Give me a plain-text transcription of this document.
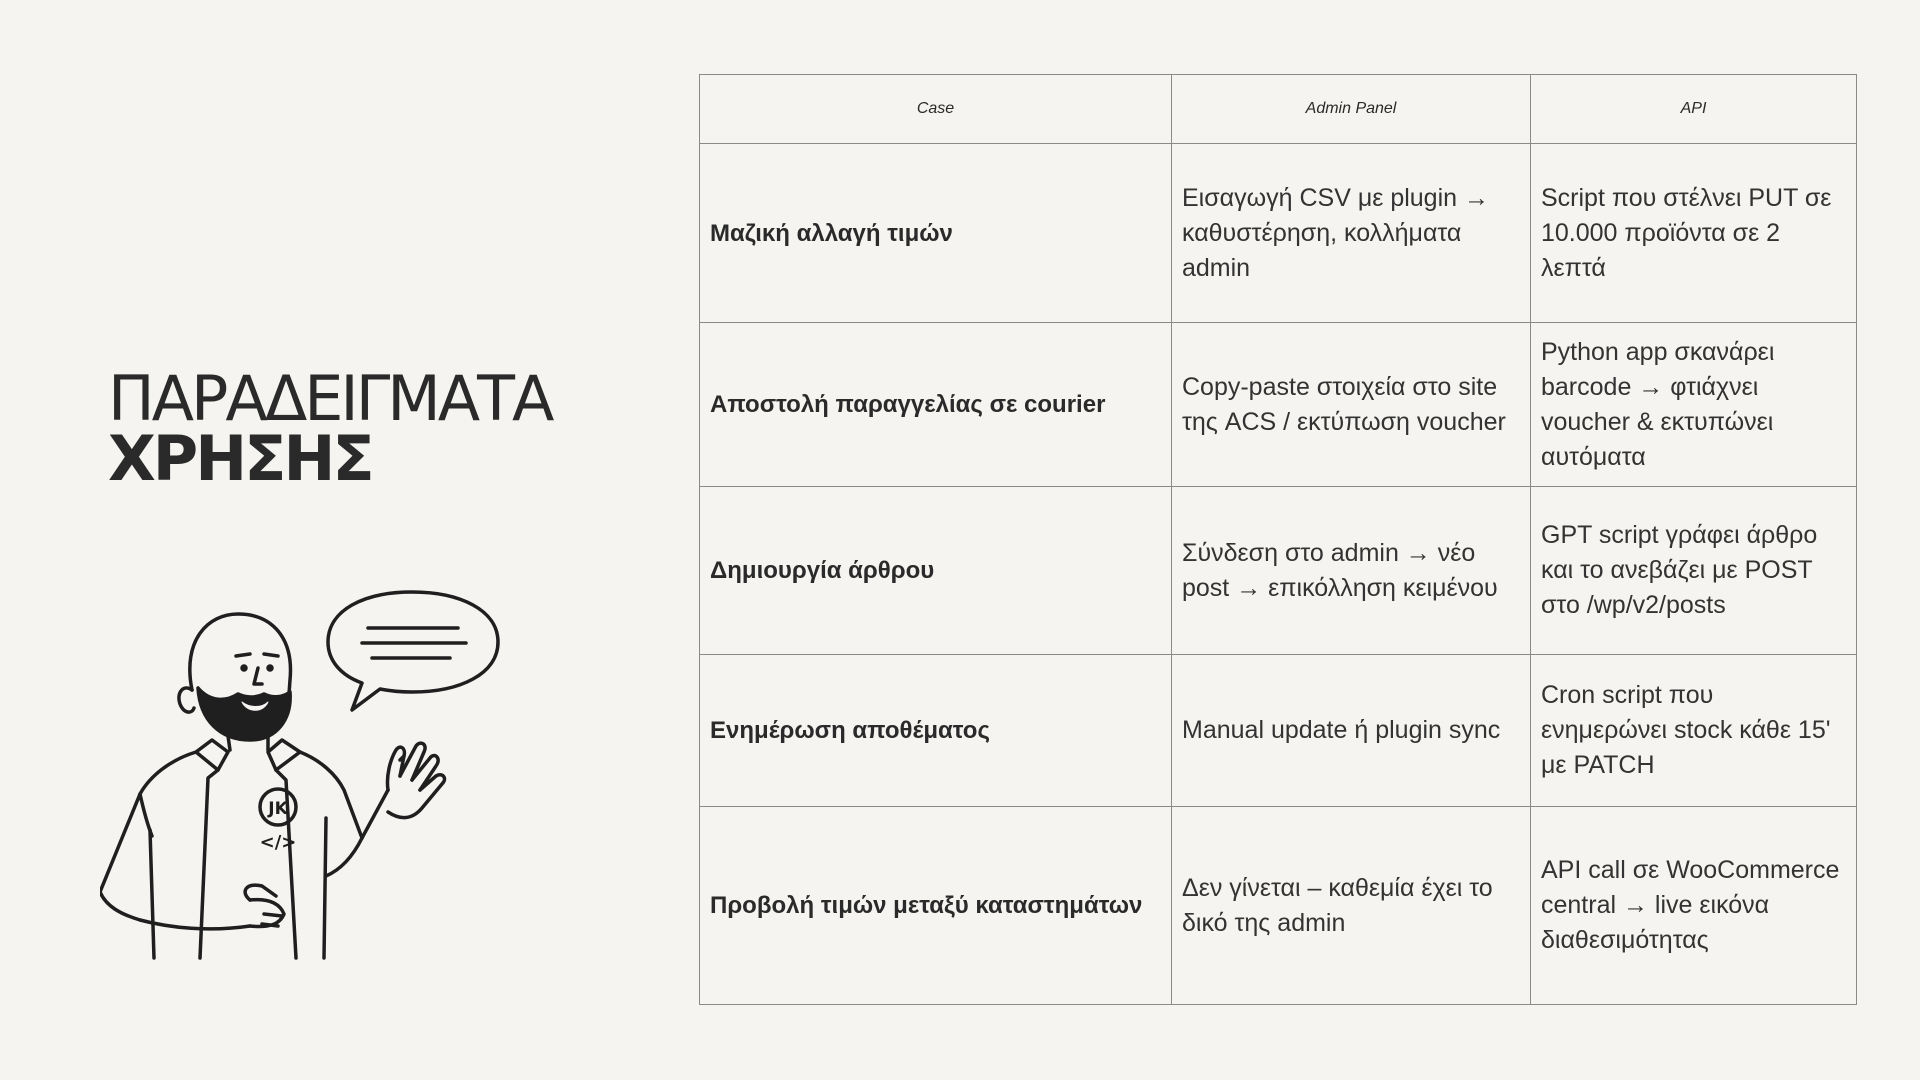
ΠΑΡΑΔΕΙΓΜΑΤΑ
ΧΡΗΣΗΣ
JK
</>
Case	Admin Panel	API
Μαζική αλλαγή τιμών	Εισαγωγή CSV με plugin → καθυστέρηση, κολλήματα admin	Script που στέλνει PUT σε 10.000 προϊόντα σε 2 λεπτά
Αποστολή παραγγελίας σε courier	Copy-paste στοιχεία στο site της ACS / εκτύπωση voucher	Python app σκανάρει barcode → φτιάχνει voucher & εκτυπώνει αυτόματα
Δημιουργία άρθρου	Σύνδεση στο admin → νέο post → επικόλληση κειμένου	GPT script γράφει άρθρο και το ανεβάζει με POST στο /wp/v2/posts
Ενημέρωση αποθέματος	Manual update ή plugin sync	Cron script που ενημερώνει stock κάθε 15' με PATCH
Προβολή τιμών μεταξύ καταστημάτων	Δεν γίνεται – καθεμία έχει το δικό της admin	API call σε WooCommerce central → live εικόνα διαθεσιμότητας
